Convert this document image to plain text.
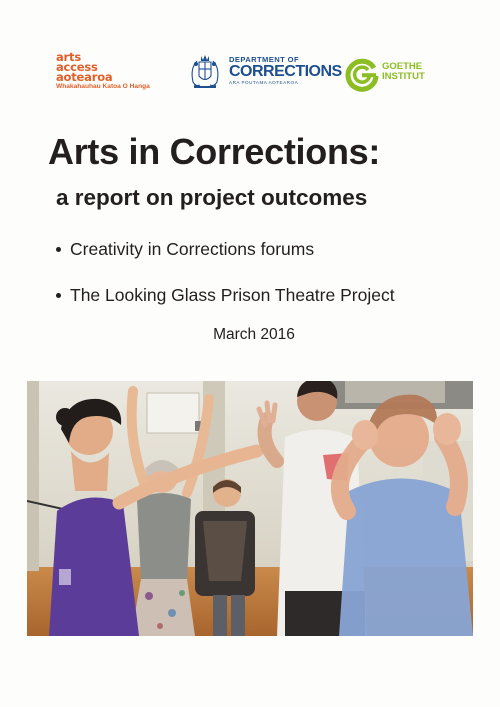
arts
access
aotearoa
Whakahauhau Katoa O Hanga
DEPARTMENT OF
CORRECTIONS
ARA POUTAMA AOTEAROA
GOETHE
INSTITUT
Arts in Corrections:
a report on project outcomes
Creativity in Corrections forums
The Looking Glass Prison Theatre Project
March 2016
